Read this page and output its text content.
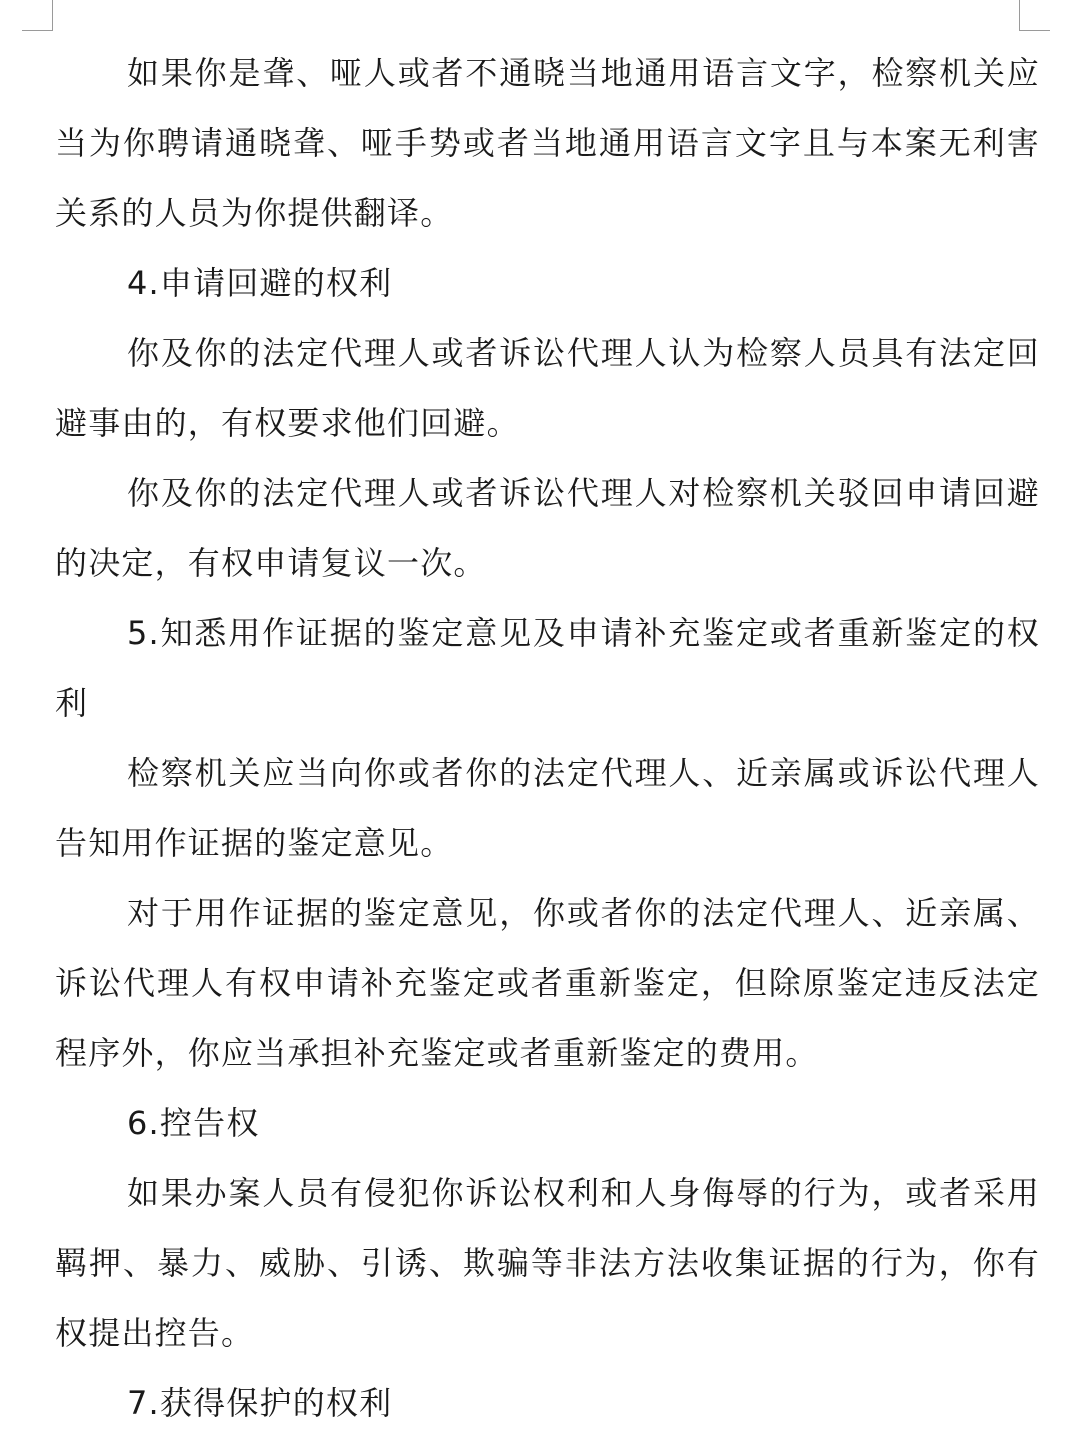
如果你是聋、哑人或者不通晓当地通用语言文字，检察机关应当为你聘请通晓聋、哑手势或者当地通用语言文字且与本案无利害关系的人员为你提供翻译。

4.申请回避的权利

你及你的法定代理人或者诉讼代理人认为检察人员具有法定回避事由的，有权要求他们回避。

你及你的法定代理人或者诉讼代理人对检察机关驳回申请回避的决定，有权申请复议一次。

5.知悉用作证据的鉴定意见及申请补充鉴定或者重新鉴定的权利

检察机关应当向你或者你的法定代理人、近亲属或诉讼代理人告知用作证据的鉴定意见。

对于用作证据的鉴定意见，你或者你的法定代理人、近亲属、诉讼代理人有权申请补充鉴定或者重新鉴定，但除原鉴定违反法定程序外，你应当承担补充鉴定或者重新鉴定的费用。

6.控告权

如果办案人员有侵犯你诉讼权利和人身侮辱的行为，或者采用羁押、暴力、威胁、引诱、欺骗等非法方法收集证据的行为，你有权提出控告。

7.获得保护的权利
